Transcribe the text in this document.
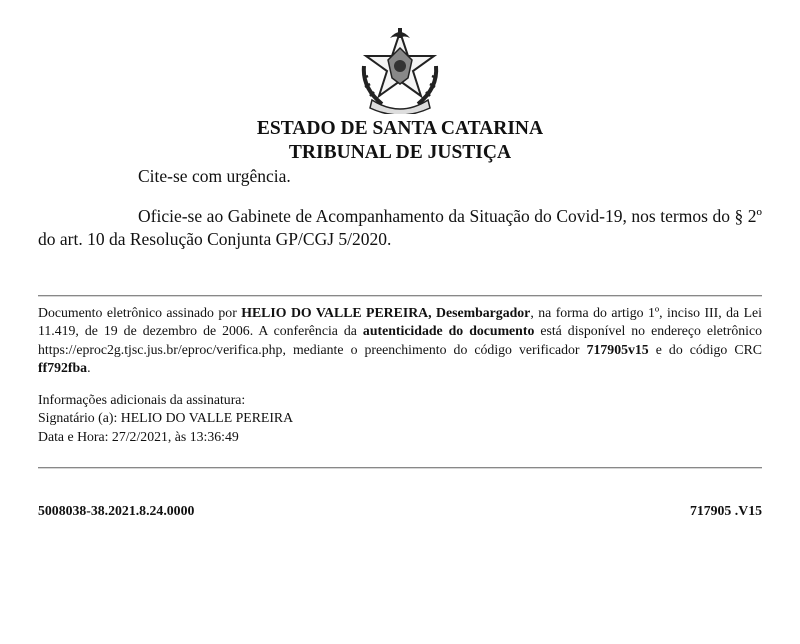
ESTADO DE SANTA CATARINA
TRIBUNAL DE JUSTIÇA
Cite-se com urgência.
Oficie-se ao Gabinete de Acompanhamento da Situação do Covid-19, nos termos do § 2º do art. 10 da Resolução Conjunta GP/CGJ 5/2020.
Documento eletrônico assinado por HELIO DO VALLE PEREIRA, Desembargador, na forma do artigo 1º, inciso III, da Lei 11.419, de 19 de dezembro de 2006. A conferência da autenticidade do documento está disponível no endereço eletrônico https://eproc2g.tjsc.jus.br/eproc/verifica.php, mediante o preenchimento do código verificador 717905v15 e do código CRC ff792fba.
Informações adicionais da assinatura:
Signatário (a): HELIO DO VALLE PEREIRA
Data e Hora: 27/2/2021, às 13:36:49
5008038-38.2021.8.24.0000	717905 .V15
